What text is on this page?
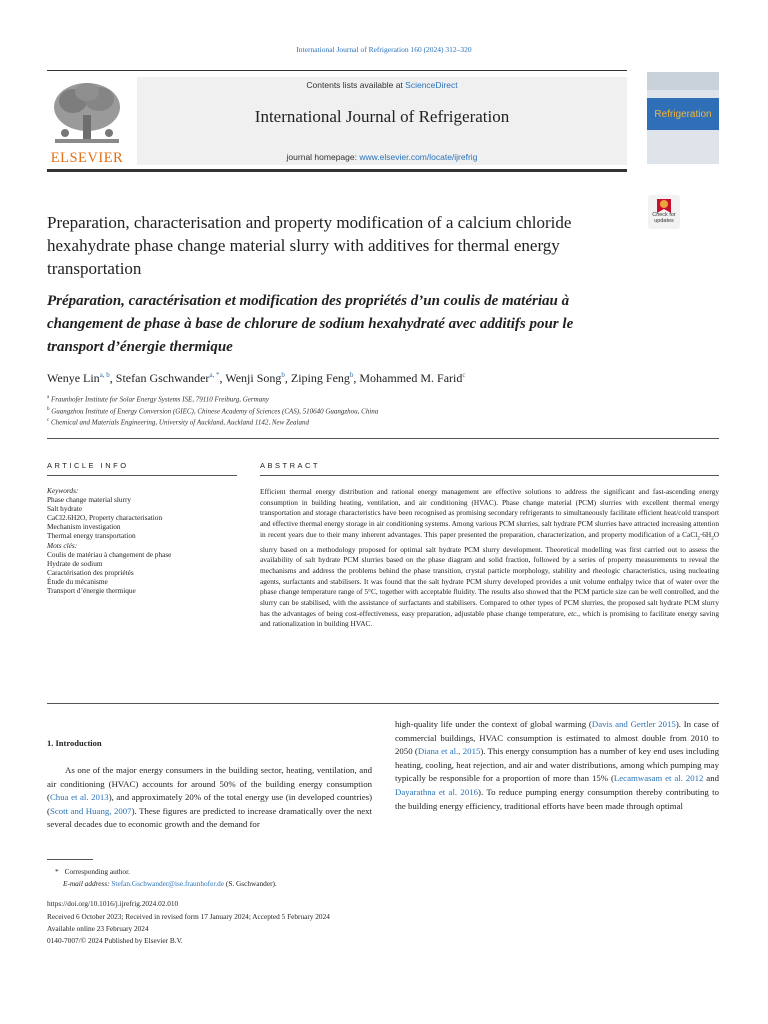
International Journal of Refrigeration 160 (2024) 312–320
ELSEVIER
Contents lists available at ScienceDirect
International Journal of Refrigeration
journal homepage: www.elsevier.com/locate/ijrefrig
Refrigeration
Check for
updates
Preparation, characterisation and property modification of a calcium chloride hexahydrate phase change material slurry with additives for thermal energy transportation
Préparation, caractérisation et modification des propriétés d’un coulis de matériau à changement de phase à base de chlorure de sodium hexahydraté avec additifs pour le transport d’énergie thermique
Wenye Lin$^{a, b}$, Stefan Gschwander$^{a, *}$, Wenji Song$^b$, Ziping Feng$^b$, Mohammed M. Farid$^c$
$^a$ Fraunhofer Institute for Solar Energy Systems ISE, 79110 Freiburg, Germany
$^b$ Guangzhou Institute of Energy Conversion (GIEC), Chinese Academy of Sciences (CAS), 510640 Guangzhou, China
$^c$ Chemical and Materials Engineering, University of Auckland, Auckland 1142, New Zealand
ARTICLE INFO	ABSTRACT
Keywords:
Phase change material slurry
Salt hydrate
CaCl2.6H2O, Property characterisation
Mechanism investigation
Thermal energy transportation
Mots clés:
Coulis de matériau à changement de phase
Hydrate de sodium
Caractérisation des propriétés
Étude du mécanisme
Transport d’énergie thermique
Efficient thermal energy distribution and rational energy management are effective solutions to address the significant and fast-ascending energy consumption in building heating, ventilation, and air conditioning (HVAC). Phase change material (PCM) slurries with excellent thermal energy transportation and storage characteristics have been recognised as promising secondary refrigerants to simultaneously facilitate efficient heat/cold transport and effective thermal energy storage in air conditioning systems. Among various PCM slurries, salt hydrate PCM slurries have attracted increasing attention in recent years due to their many inherent advantages. This paper presented the preparation, characterization, and property modification of a $CaCl_2\cdot 6H_2O$ slurry based on a methodology proposed for optimal salt hydrate PCM slurry development. Theoretical modelling was first carried out to assess the availability of salt hydrate PCM slurries based on the phase diagram and solid fraction, followed by a series of property measurements to reveal the mechanisms and address the problems behind the phase transition, crystal particle morphology, stability and rheologic characteristics, using nucleating agents, surfactants and stabilisers. It was found that the salt hydrate PCM slurry developed provides a unit volume enthalpy twice that of water over the phase change temperature range of 5°C, together with acceptable fluidity. The results also showed that the PCM particle size can be well controlled, and the slurry can be stabilised, with the assistance of surfactants and stabilisers. Compared to other types of PCM slurries, the proposed salt hydrate PCM slurry has the advantages of being cost-effectiveness, easy preparation, adjustable phase change temperature, etc., which is promising to facilitate energy saving and rationalization in building HVAC.
1. Introduction
As one of the major energy consumers in the building sector, heating, ventilation, and air conditioning (HVAC) accounts for around 50% of the building energy consumption (Chua et al. 2013), and approximately 20% of the total energy use (in developed countries) (Scott and Huang, 2007). These figures are predicted to increase dramatically over the next several decades due to economic growth and the demand for
high-quality life under the context of global warming (Davis and Gertler 2015). In case of commercial buildings, HVAC consumption is estimated to almost double from 2010 to 2050 (Diana et al., 2015). This energy consumption has a number of key end uses including heating, cooling, heat rejection, and air and water distributions, among which pumping may typically be responsible for a proportion of more than 15% (Lecamwasam et al. 2012 and Dayarathna et al. 2016). To reduce pumping energy consumption thereby contributing to the building energy efficiency, traditional efforts have been made through optimal
* Corresponding author.
E-mail address: Stefan.Gschwander@ise.fraunhofer.de (S. Gschwander).
https://doi.org/10.1016/j.ijrefrig.2024.02.010
Received 6 October 2023; Received in revised form 17 January 2024; Accepted 5 February 2024
Available online 23 February 2024
0140-7007/© 2024 Published by Elsevier B.V.
